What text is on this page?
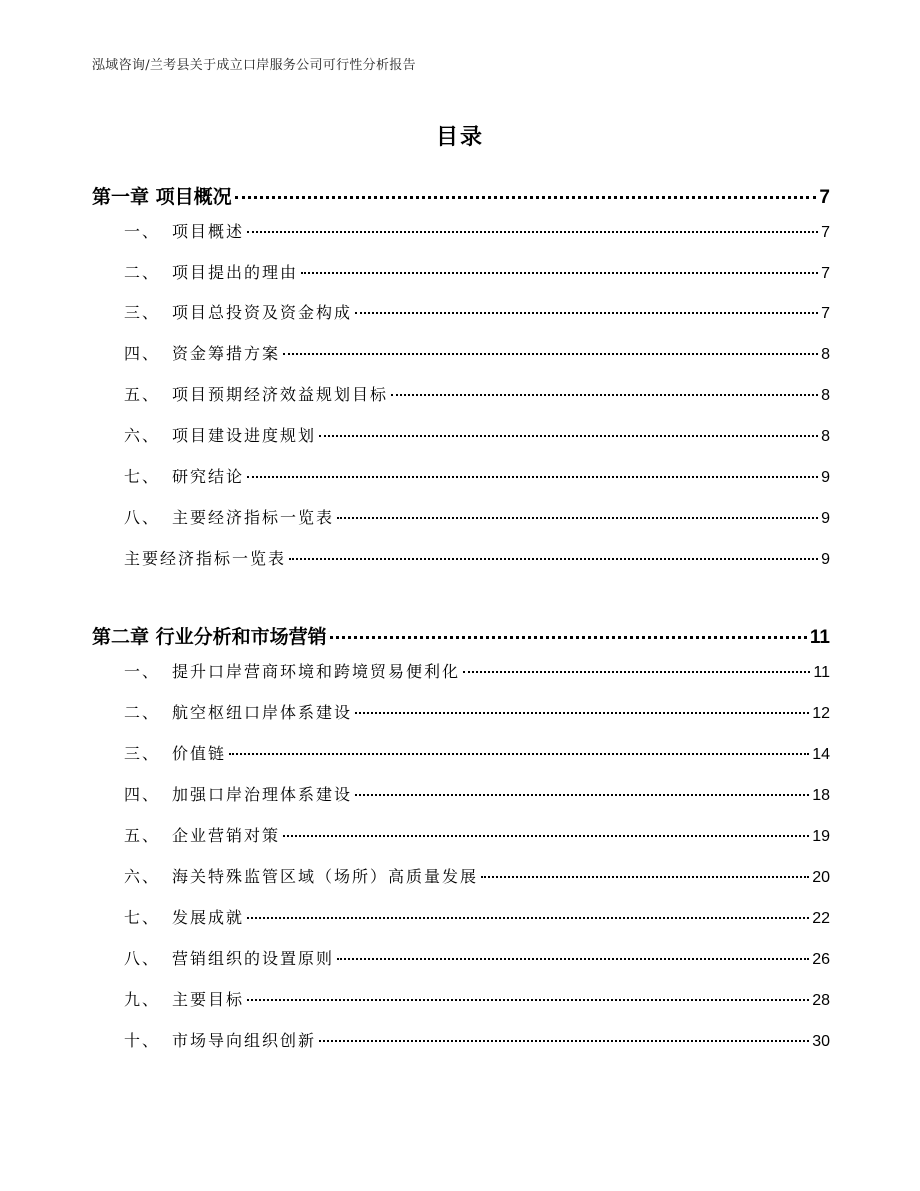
泓域咨询/兰考县关于成立口岸服务公司可行性分析报告
目录
第一章 项目概况	7
一、 项目概述	7
二、 项目提出的理由	7
三、 项目总投资及资金构成	7
四、 资金筹措方案	8
五、 项目预期经济效益规划目标	8
六、 项目建设进度规划	8
七、 研究结论	9
八、 主要经济指标一览表	9
主要经济指标一览表	9
第二章 行业分析和市场营销	11
一、 提升口岸营商环境和跨境贸易便利化	11
二、 航空枢纽口岸体系建设	12
三、 价值链	14
四、 加强口岸治理体系建设	18
五、 企业营销对策	19
六、 海关特殊监管区域（场所）高质量发展	20
七、 发展成就	22
八、 营销组织的设置原则	26
九、 主要目标	28
十、 市场导向组织创新	30
